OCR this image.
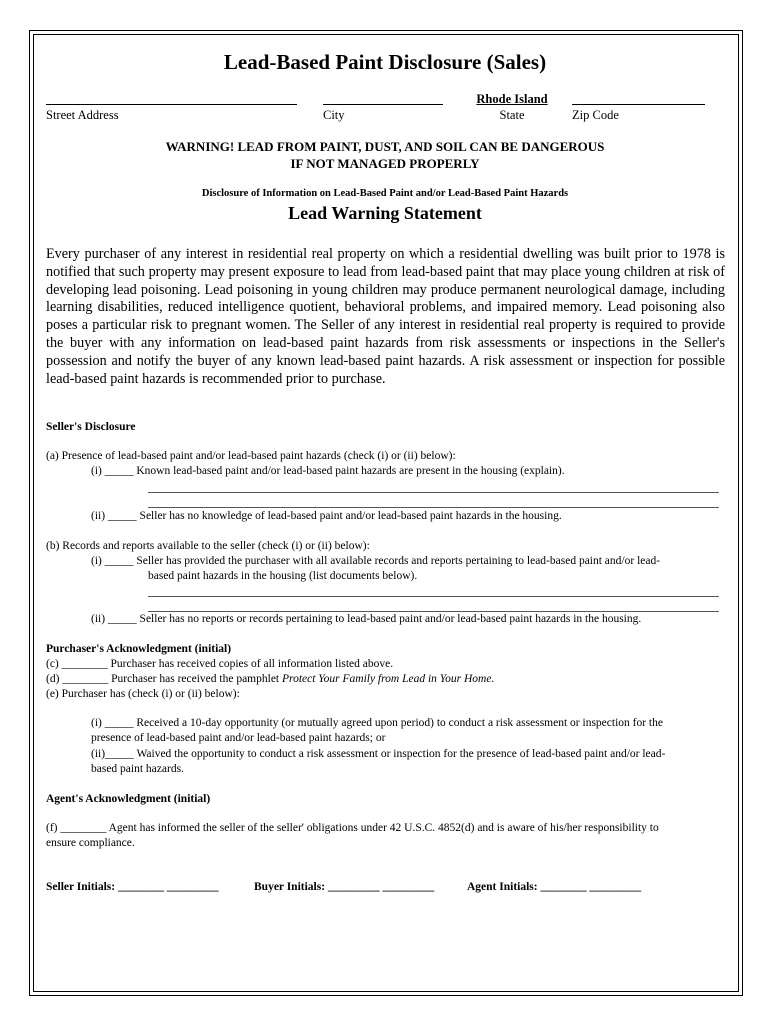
Lead-Based Paint Disclosure (Sales)
Rhode Island
Street Address	City	State	Zip Code
WARNING! LEAD FROM PAINT, DUST, AND SOIL CAN BE DANGEROUS
IF NOT MANAGED PROPERLY
Disclosure of Information on Lead-Based Paint and/or Lead-Based Paint Hazards
Lead Warning Statement
Every purchaser of any interest in residential real property on which a residential dwelling was built prior to 1978 is notified that such property may present exposure to lead from lead-based paint that may place young children at risk of developing lead poisoning. Lead poisoning in young children may produce permanent neurological damage, including learning disabilities, reduced intelligence quotient, behavioral problems, and impaired memory. Lead poisoning also poses a particular risk to pregnant women. The Seller of any interest in residential real property is required to provide the buyer with any information on lead-based paint hazards from risk assessments or inspections in the Seller's possession and notify the buyer of any known lead-based paint hazards. A risk assessment or inspection for possible lead-based paint hazards is recommended prior to purchase.
Seller's Disclosure
(a) Presence of lead-based paint and/or lead-based paint hazards (check (i) or (ii) below):
(i) _____ Known lead-based paint and/or lead-based paint hazards are present in the housing (explain).
(ii) _____ Seller has no knowledge of lead-based paint and/or lead-based paint hazards in the housing.
(b) Records and reports available to the seller (check (i) or (ii) below):
(i) _____ Seller has provided the purchaser with all available records and reports pertaining to lead-based paint and/or lead-
based paint hazards in the housing (list documents below).
(ii) _____ Seller has no reports or records pertaining to lead-based paint and/or lead-based paint hazards in the housing.
Purchaser's Acknowledgment (initial)
(c) ________ Purchaser has received copies of all information listed above.
(d) ________ Purchaser has received the pamphlet Protect Your Family from Lead in Your Home.
(e) Purchaser has (check (i) or (ii) below):
(i) _____ Received a 10-day opportunity (or mutually agreed upon period) to conduct a risk assessment or inspection for the
presence of lead-based paint and/or lead-based paint hazards; or
(ii)_____ Waived the opportunity to conduct a risk assessment or inspection for the presence of lead-based paint and/or lead-
based paint hazards.
Agent's Acknowledgment (initial)
(f) ________ Agent has informed the seller of the seller' obligations under 42 U.S.C. 4852(d) and is aware of his/her responsibility to
ensure compliance.
Seller Initials: ________ _________	Buyer Initials: _________ _________	Agent Initials: ________ _________
